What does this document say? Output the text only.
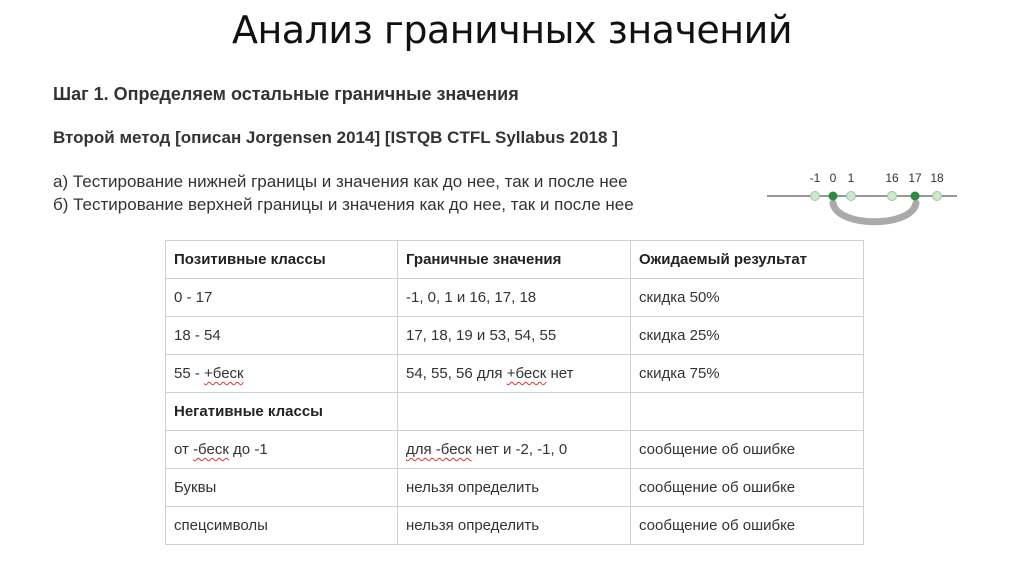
Анализ граничных значений
Шаг 1. Определяем остальные граничные значения
Второй метод [описан Jorgensen 2014] [ISTQB CTFL Syllabus 2018 ]
а) Тестирование нижней границы и значения как до нее, так и после нее
б) Тестирование верхней границы и значения как до нее, так и после нее
-1 0 1	16 17 18
Позитивные классы	Граничные значения	Ожидаемый результат
0 - 17	-1, 0, 1 и 16, 17, 18	скидка 50%
18 - 54	17, 18, 19 и 53, 54, 55	скидка 25%
55 - +беск	54, 55, 56 для +беск нет	скидка 75%
Негативные классы		
от -беск до -1	для -беск нет и -2, -1, 0	сообщение об ошибке
Буквы	нельзя определить	сообщение об ошибке
спецсимволы	нельзя определить	сообщение об ошибке
